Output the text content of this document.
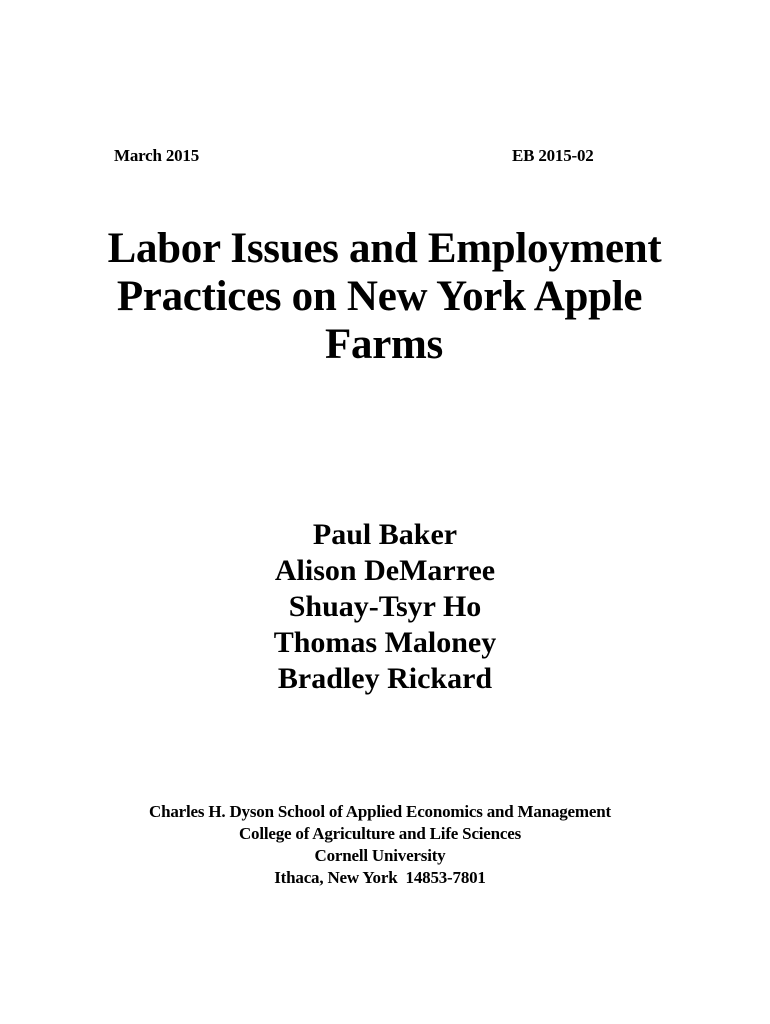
March 2015	EB 2015-02
Labor Issues and Employment
Practices on New York Apple
Farms
Paul Baker
Alison DeMarree
Shuay-Tsyr Ho
Thomas Maloney
Bradley Rickard
Charles H. Dyson School of Applied Economics and Management
College of Agriculture and Life Sciences
Cornell University
Ithaca, New York  14853-7801
